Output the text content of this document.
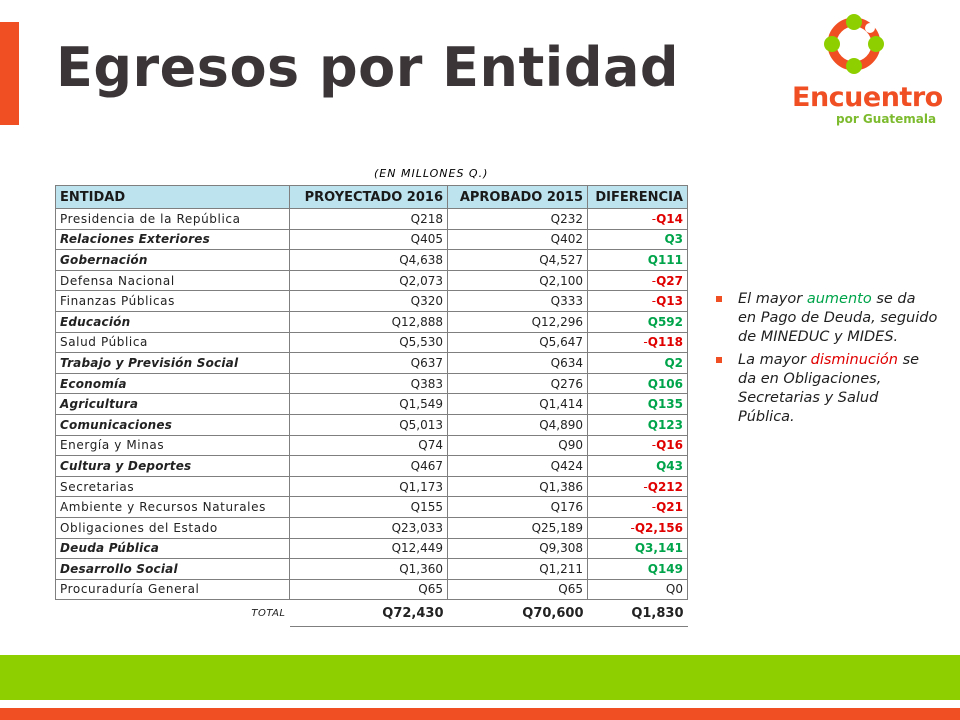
Egresos por Entidad	Encuentro
por Guatemala
(EN MILLONES Q.)
ENTIDAD	PROYECTADO 2016	APROBADO 2015	DIFERENCIA
Presidencia de la República	Q218	Q232	-Q14
Relaciones Exteriores	Q405	Q402	Q3
Gobernación	Q4,638	Q4,527	Q111
Defensa Nacional	Q2,073	Q2,100	-Q27
Finanzas Públicas	Q320	Q333	-Q13
Educación	Q12,888	Q12,296	Q592
Salud Pública	Q5,530	Q5,647	-Q118
Trabajo y Previsión Social	Q637	Q634	Q2
Economía	Q383	Q276	Q106
Agricultura	Q1,549	Q1,414	Q135
Comunicaciones	Q5,013	Q4,890	Q123
Energía y Minas	Q74	Q90	-Q16
Cultura y Deportes	Q467	Q424	Q43
Secretarias	Q1,173	Q1,386	-Q212
Ambiente y Recursos Naturales	Q155	Q176	-Q21
Obligaciones del Estado	Q23,033	Q25,189	-Q2,156
Deuda Pública	Q12,449	Q9,308	Q3,141
Desarrollo Social	Q1,360	Q1,211	Q149
Procuraduría General	Q65	Q65	Q0
TOTAL	Q72,430	Q70,600	Q1,830
El mayor aumento se da en Pago de Deuda, seguido de MINEDUC y MIDES.
La mayor disminución se da en Obligaciones, Secretarias y Salud Pública.
